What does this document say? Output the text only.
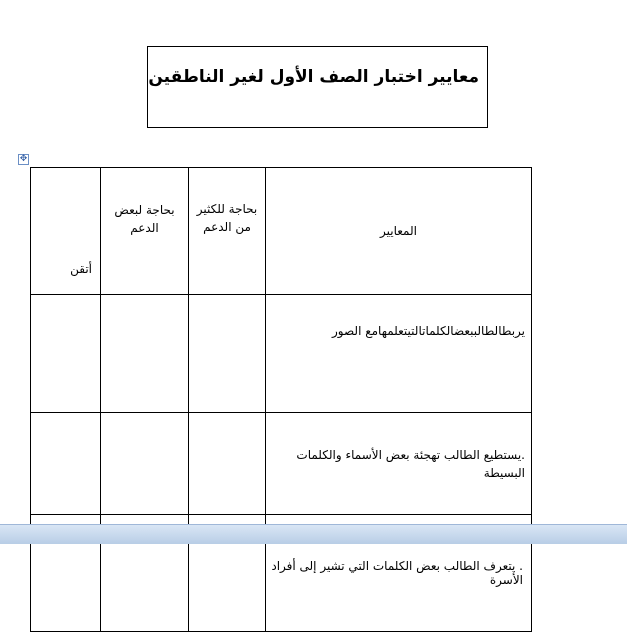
معايير اختبار الصف الأول لغير الناطقين
✥
المعايير	بحاجة للكثير من الدعم	بحاجة لبعض الدعم	أتقن
يربطالطالببعضالكلماتالتيتعلمهامع الصور			
.يستطيع الطالب تهجئة بعض الأسماء والكلمات البسيطة			
. يتعرف الطالب بعض الكلمات التي تشير إلى أفراد الأسرة			
